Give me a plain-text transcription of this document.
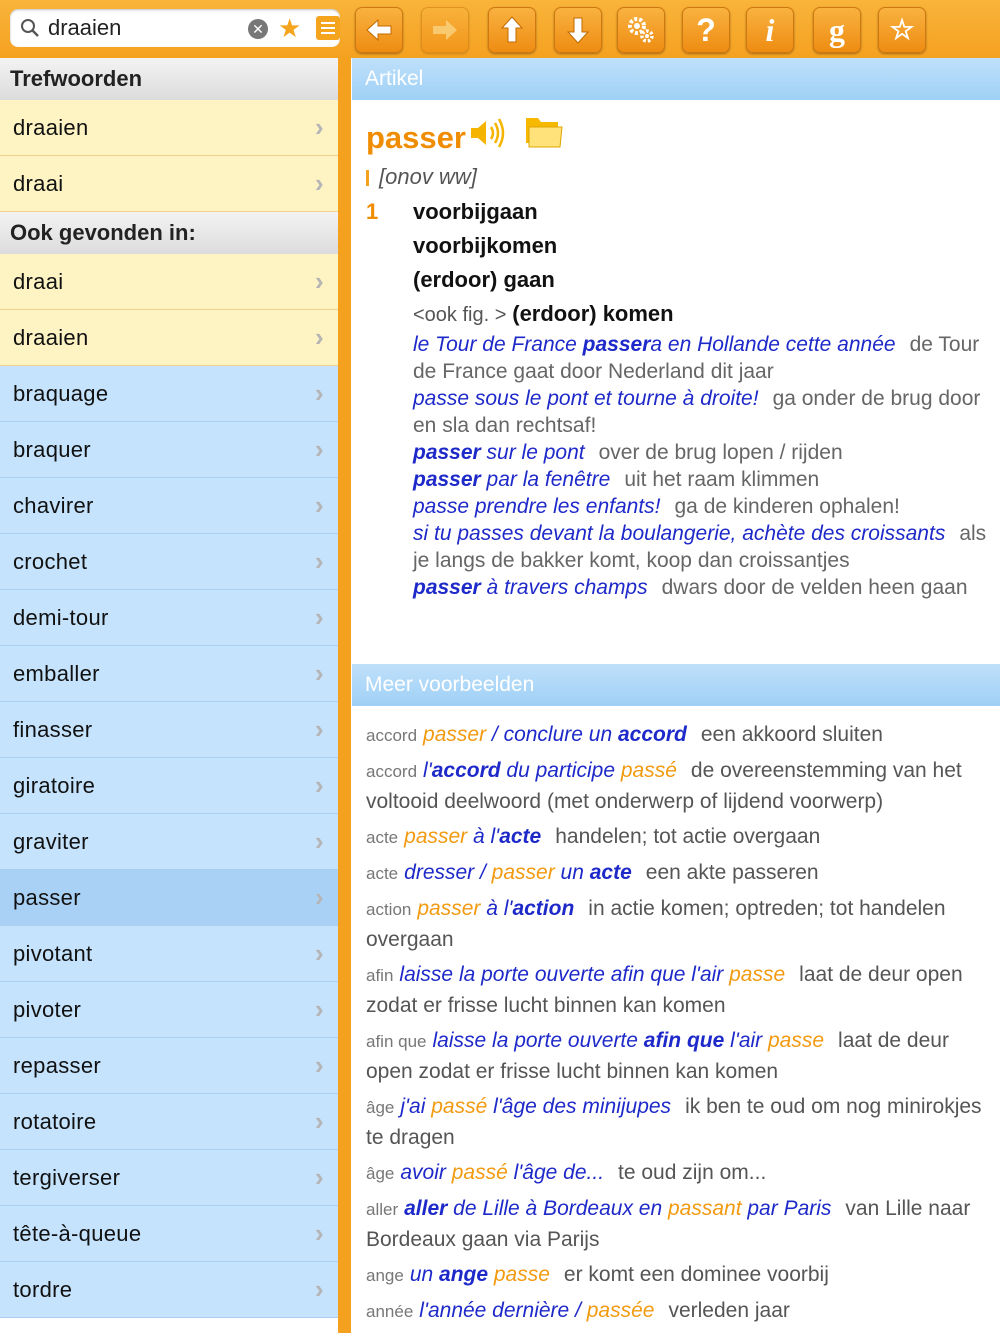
draaien
✕ ★	?	i	g	☆
Trefwoorden
draaien	›
draai	›
Ook gevonden in:
draai	›
draaien	›
braquage	›
braquer	›
chavirer	›
crochet	›
demi-tour	›
emballer	›
finasser	›
giratoire	›
graviter	›
passer	›
pivotant	›
pivoter	›
repasser	›
rotatoire	›
tergiverser	›
tête-à-queue	›
tordre	›
Artikel
passer
[onov ww]
1 voorbijgaan
voorbijkomen
(erdoor) gaan
<ook fig. > (erdoor) komen
le Tour de France passera en Hollande cette année de Tour de France gaat door Nederland dit jaar
passe sous le pont et tourne à droite! ga onder de brug door en sla dan rechtsaf!
passer sur le pont over de brug lopen / rijden
passer par la fenêtre uit het raam klimmen
passe prendre les enfants! ga de kinderen ophalen!
si tu passes devant la boulangerie, achète des croissants als je langs de bakker komt, koop dan croissantjes
passer à travers champs dwars door de velden heen gaan
Meer voorbeelden
accord passer / conclure un accord een akkoord sluiten
accord l'accord du participe passé de overeenstemming van het voltooid deelwoord (met onderwerp of lijdend voorwerp)
acte passer à l'acte handelen; tot actie overgaan
acte dresser / passer un acte een akte passeren
action passer à l'action in actie komen; optreden; tot handelen overgaan
afin laisse la porte ouverte afin que l'air passe laat de deur open zodat er frisse lucht binnen kan komen
afin que laisse la porte ouverte afin que l'air passe laat de deur open zodat er frisse lucht binnen kan komen
âge j'ai passé l'âge des minijupes ik ben te oud om nog minirokjes te dragen
âge avoir passé l'âge de... te oud zijn om...
aller aller de Lille à Bordeaux en passant par Paris van Lille naar Bordeaux gaan via Parijs
ange un ange passe er komt een dominee voorbij
année l'année dernière / passée verleden jaar
